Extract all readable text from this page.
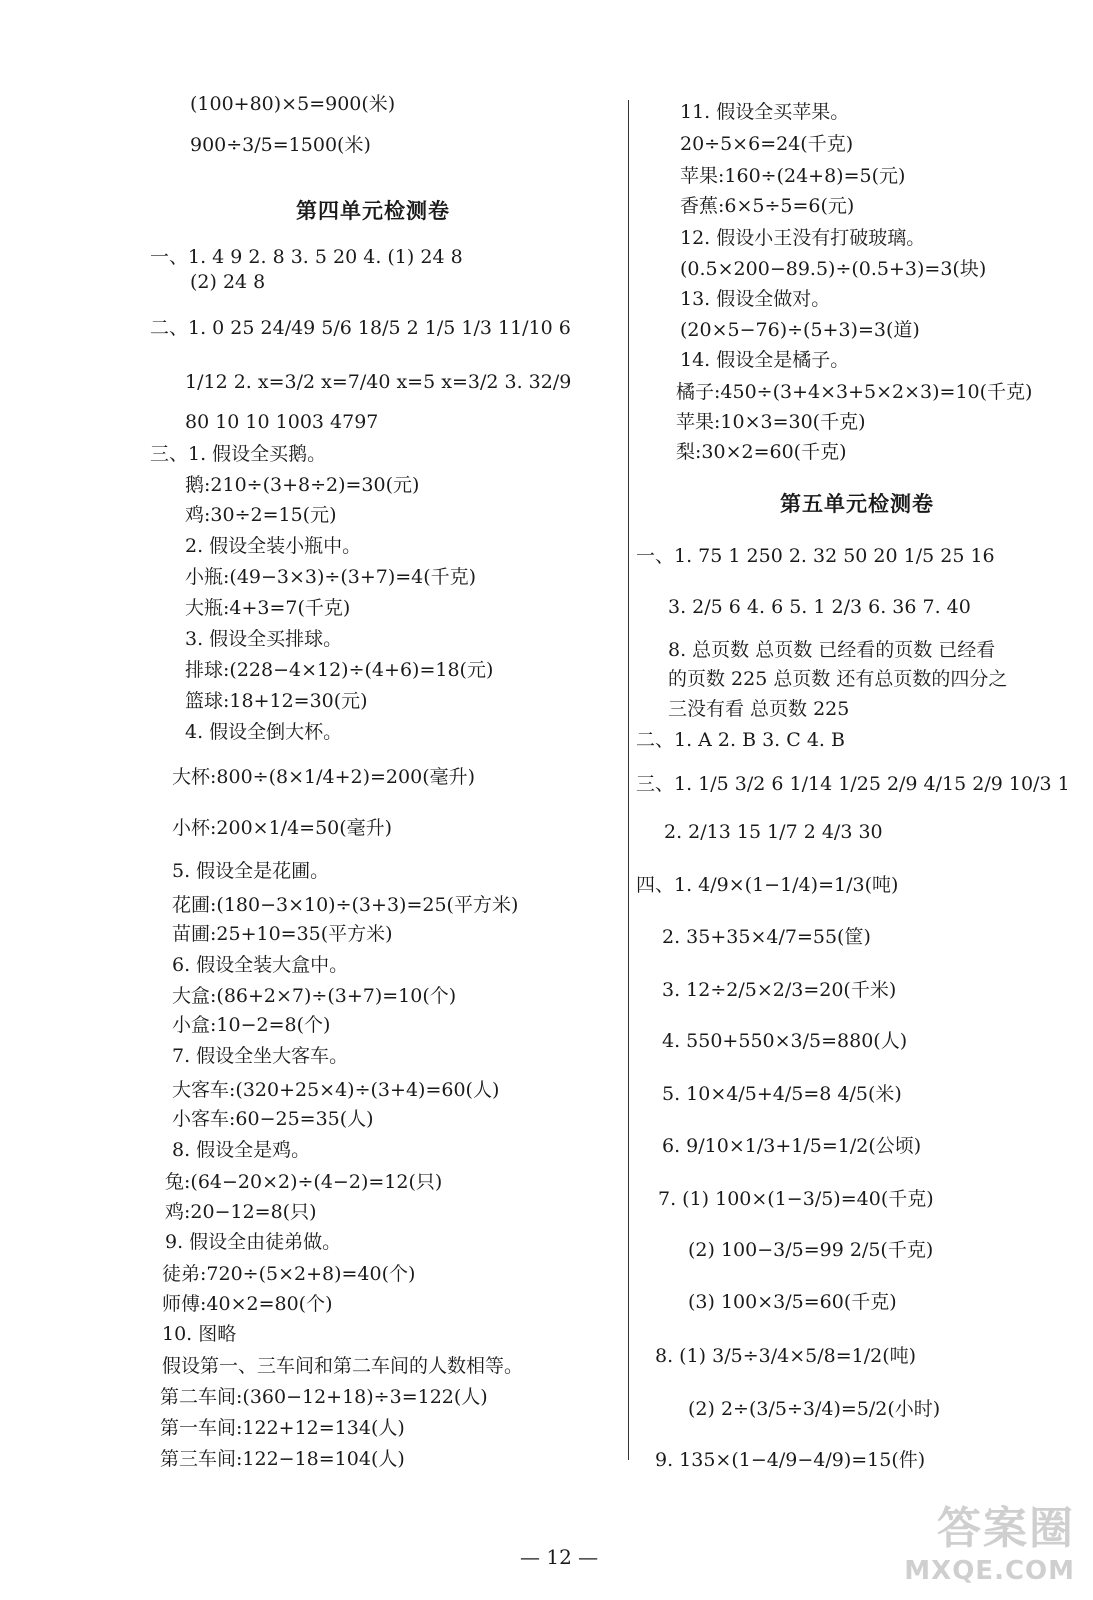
(100+80)×5=900(米)
900÷3/5=1500(米)
第四单元检测卷
一、1. 4 9 2. 8 3. 5 20 4. (1) 24 8
(2) 24 8
二、1. 0 25 24/49 5/6 18/5 2 1/5 1/3 11/10 6
1/12 2. x=3/2 x=7/40 x=5 x=3/2 3. 32/9
80 10 10 1003 4797
三、1. 假设全买鹅。
鹅:210÷(3+8÷2)=30(元)
鸡:30÷2=15(元)
2. 假设全装小瓶中。
小瓶:(49−3×3)÷(3+7)=4(千克)
大瓶:4+3=7(千克)
3. 假设全买排球。
排球:(228−4×12)÷(4+6)=18(元)
篮球:18+12=30(元)
4. 假设全倒大杯。
大杯:800÷(8×1/4+2)=200(毫升)
小杯:200×1/4=50(毫升)
5. 假设全是花圃。
花圃:(180−3×10)÷(3+3)=25(平方米)
苗圃:25+10=35(平方米)
6. 假设全装大盒中。
大盒:(86+2×7)÷(3+7)=10(个)
小盒:10−2=8(个)
7. 假设全坐大客车。
大客车:(320+25×4)÷(3+4)=60(人)
小客车:60−25=35(人)
8. 假设全是鸡。
兔:(64−20×2)÷(4−2)=12(只)
鸡:20−12=8(只)
9. 假设全由徒弟做。
徒弟:720÷(5×2+8)=40(个)
师傅:40×2=80(个)
10. 图略
假设第一、三车间和第二车间的人数相等。
第二车间:(360−12+18)÷3=122(人)
第一车间:122+12=134(人)
第三车间:122−18=104(人)
11. 假设全买苹果。
20÷5×6=24(千克)
苹果:160÷(24+8)=5(元)
香蕉:6×5÷5=6(元)
12. 假设小王没有打破玻璃。
(0.5×200−89.5)÷(0.5+3)=3(块)
13. 假设全做对。
(20×5−76)÷(5+3)=3(道)
14. 假设全是橘子。
橘子:450÷(3+4×3+5×2×3)=10(千克)
苹果:10×3=30(千克)
梨:30×2=60(千克)
第五单元检测卷
一、1. 75 1 250 2. 32 50 20 1/5 25 16
3. 2/5 6 4. 6 5. 1 2/3 6. 36 7. 40
8. 总页数 总页数 已经看的页数 已经看
的页数 225 总页数 还有总页数的四分之
三没有看 总页数 225
二、1. A 2. B 3. C 4. B
三、1. 1/5 3/2 6 1/14 1/25 2/9 4/15 2/9 10/3 1
2. 2/13 15 1/7 2 4/3 30
四、1. 4/9×(1−1/4)=1/3(吨)
2. 35+35×4/7=55(筐)
3. 12÷2/5×2/3=20(千米)
4. 550+550×3/5=880(人)
5. 10×4/5+4/5=8 4/5(米)
6. 9/10×1/3+1/5=1/2(公顷)
7. (1) 100×(1−3/5)=40(千克)
(2) 100−3/5=99 2/5(千克)
(3) 100×3/5=60(千克)
8. (1) 3/5÷3/4×5/8=1/2(吨)
(2) 2÷(3/5÷3/4)=5/2(小时)
9. 135×(1−4/9−4/9)=15(件)
— 12 —
答案圈
MXQE.COM
